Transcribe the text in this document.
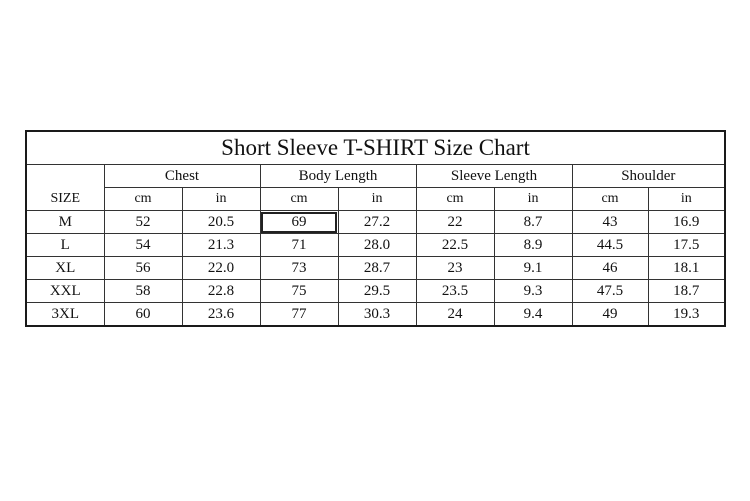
Short Sleeve T-SHIRT Size Chart
	Chest		Body Length		Sleeve Length		Shoulder	
SIZE	cm	in	cm	in	cm	in	cm	in
M	52	20.5	69	27.2	22	8.7	43	16.9
L	54	21.3	71	28.0	22.5	8.9	44.5	17.5
XL	56	22.0	73	28.7	23	9.1	46	18.1
XXL	58	22.8	75	29.5	23.5	9.3	47.5	18.7
3XL	60	23.6	77	30.3	24	9.4	49	19.3
